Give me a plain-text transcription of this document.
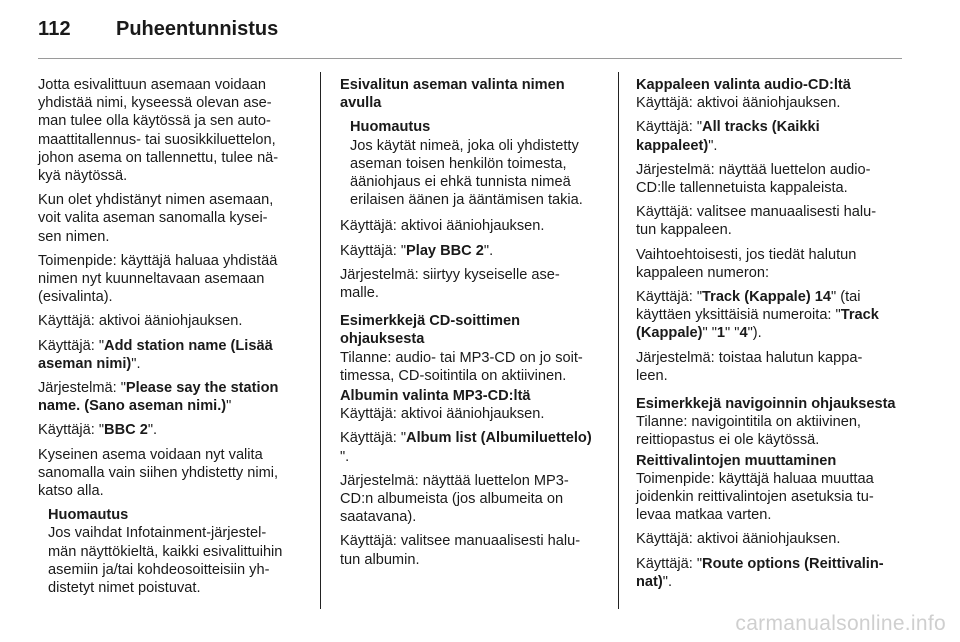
112 Puheentunnistus

Jotta esivalittuun asemaan voidaan
yhdistää nimi, kyseessä olevan ase-
man tulee olla käytössä ja sen auto-
maattitallennus- tai suosikkiluettelon,
johon asema on tallennettu, tulee nä-
kyä näytössä.

Kun olet yhdistänyt nimen asemaan,
voit valita aseman sanomalla kysei-
sen nimen.

Toimenpide: käyttäjä haluaa yhdistää
nimen nyt kuunneltavaan asemaan
(esivalinta).

Käyttäjä: aktivoi ääniohjauksen.

Käyttäjä: "Add station name (Lisää
aseman nimi)".

Järjestelmä: "Please say the station
name. (Sano aseman nimi.)"

Käyttäjä: "BBC 2".

Kyseinen asema voidaan nyt valita
sanomalla vain siihen yhdistetty nimi,
katso alla.

Huomautus
Jos vaihdat Infotainment-järjestel-
män näyttökieltä, kaikki esivalittuihin
asemiin ja/tai kohdeosoitteisiin yh-
distetyt nimet poistuvat.
Esivalitun aseman valinta nimen
avulla
Huomautus
Jos käytät nimeä, joka oli yhdistetty
aseman toisen henkilön toimesta,
ääniohjaus ei ehkä tunnista nimeä
erilaisen äänen ja ääntämisen takia.

Käyttäjä: aktivoi ääniohjauksen.

Käyttäjä: "Play BBC 2".

Järjestelmä: siirtyy kyseiselle ase-
malle.

Esimerkkejä CD-soittimen
ohjauksesta

Tilanne: audio- tai MP3-CD on jo soit-
timessa, CD-soitintila on aktiivinen.

Albumin valinta MP3-CD:ltä

Käyttäjä: aktivoi ääniohjauksen.

Käyttäjä: "Album list (Albumiluettelo)
".

Järjestelmä: näyttää luettelon MP3-
CD:n albumeista (jos albumeita on
saatavana).

Käyttäjä: valitsee manuaalisesti halu-
tun albumin.

Kappaleen valinta audio-CD:ltä

Käyttäjä: aktivoi ääniohjauksen.

Käyttäjä: "All tracks (Kaikki
kappaleet)".

Järjestelmä: näyttää luettelon audio-
CD:lle tallennetuista kappaleista.

Käyttäjä: valitsee manuaalisesti halu-
tun kappaleen.

Vaihtoehtoisesti, jos tiedät halutun
kappaleen numeron:

Käyttäjä: "Track (Kappale) 14" (tai
käyttäen yksittäisiä numeroita: "Track
(Kappale)" "1" "4").

Järjestelmä: toistaa halutun kappa-
leen.

Esimerkkejä navigoinnin ohjauksesta

Tilanne: navigointitila on aktiivinen,
reittiopastus ei ole käytössä.

Reittivalintojen muuttaminen

Toimenpide: käyttäjä haluaa muuttaa
joidenkin reittivalintojen asetuksia tu-
levaa matkaa varten.

Käyttäjä: aktivoi ääniohjauksen.

Käyttäjä: "Route options (Reittivalin-
nat)".

carmanualsonline.info
